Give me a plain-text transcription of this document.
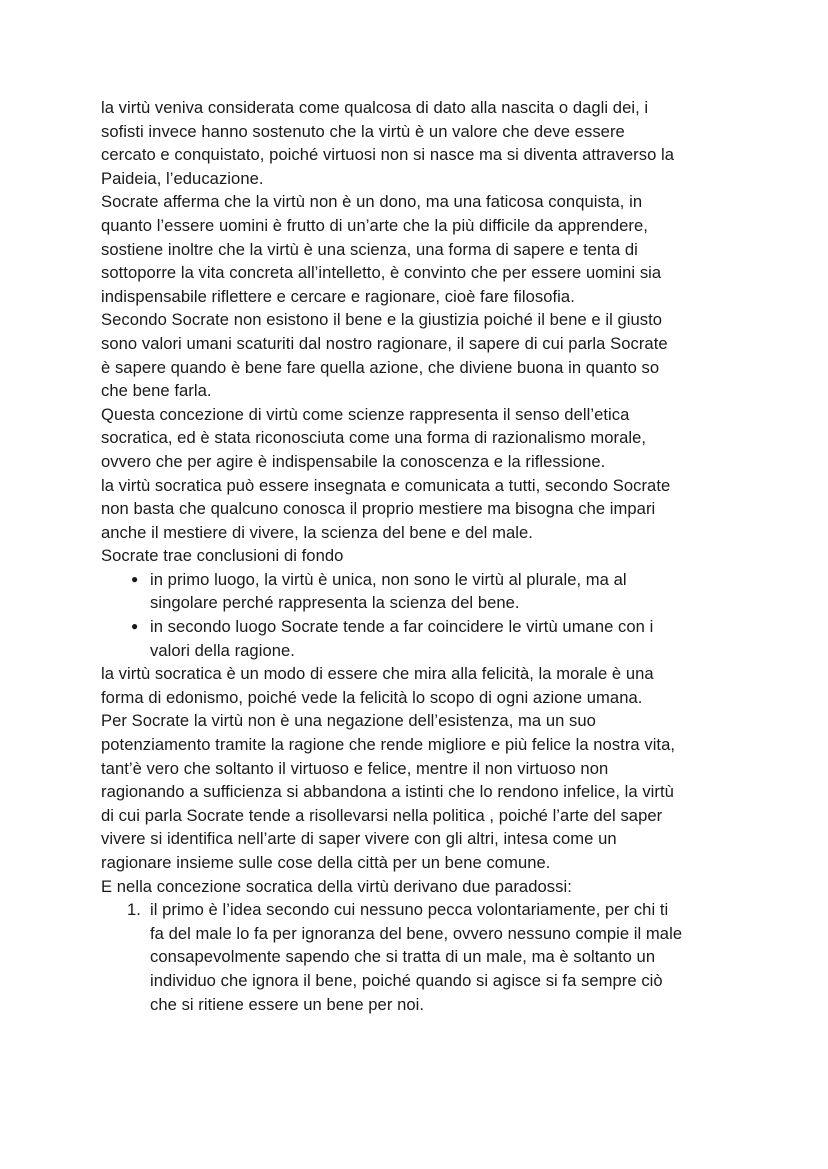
la virtù veniva considerata come qualcosa di dato alla nascita o dagli dei, i
sofisti invece hanno sostenuto che la virtù è un valore che deve essere
cercato e conquistato, poiché virtuosi non si nasce ma si diventa attraverso la
Paideia, l’educazione.
Socrate afferma che la virtù non è un dono, ma una faticosa conquista, in
quanto l’essere uomini è frutto di un’arte che la più difficile da apprendere,
sostiene inoltre che la virtù è una scienza, una forma di sapere e tenta di
sottoporre la vita concreta all’intelletto, è convinto che per essere uomini sia
indispensabile riflettere e cercare e ragionare, cioè fare filosofia.
Secondo Socrate non esistono il bene e la giustizia poiché il bene e il giusto
sono valori umani scaturiti dal nostro ragionare, il sapere di cui parla Socrate
è sapere quando è bene fare quella azione, che diviene buona in quanto so
che bene farla.
Questa concezione di virtù come scienze rappresenta il senso dell’etica
socratica, ed è stata riconosciuta come una forma di razionalismo morale,
ovvero che per agire è indispensabile la conoscenza e la riflessione.
la virtù socratica può essere insegnata e comunicata a tutti, secondo Socrate
non basta che qualcuno conosca il proprio mestiere ma bisogna che impari
anche il mestiere di vivere, la scienza del bene e del male.
Socrate trae conclusioni di fondo
● in primo luogo, la virtù è unica, non sono le virtù al plurale, ma al
singolare perché rappresenta la scienza del bene.
● in secondo luogo Socrate tende a far coincidere le virtù umane con i
valori della ragione.
la virtù socratica è un modo di essere che mira alla felicità, la morale è una
forma di edonismo, poiché vede la felicità lo scopo di ogni azione umana.
Per Socrate la virtù non è una negazione dell’esistenza, ma un suo
potenziamento tramite la ragione che rende migliore e più felice la nostra vita,
tant’è vero che soltanto il virtuoso e felice, mentre il non virtuoso non
ragionando a sufficienza si abbandona a istinti che lo rendono infelice, la virtù
di cui parla Socrate tende a risollevarsi nella politica , poiché l’arte del saper
vivere si identifica nell’arte di saper vivere con gli altri, intesa come un
ragionare insieme sulle cose della città per un bene comune.
E nella concezione socratica della virtù derivano due paradossi:
1. il primo è l’idea secondo cui nessuno pecca volontariamente, per chi ti
fa del male lo fa per ignoranza del bene, ovvero nessuno compie il male
consapevolmente sapendo che si tratta di un male, ma è soltanto un
individuo che ignora il bene, poiché quando si agisce si fa sempre ciò
che si ritiene essere un bene per noi.
